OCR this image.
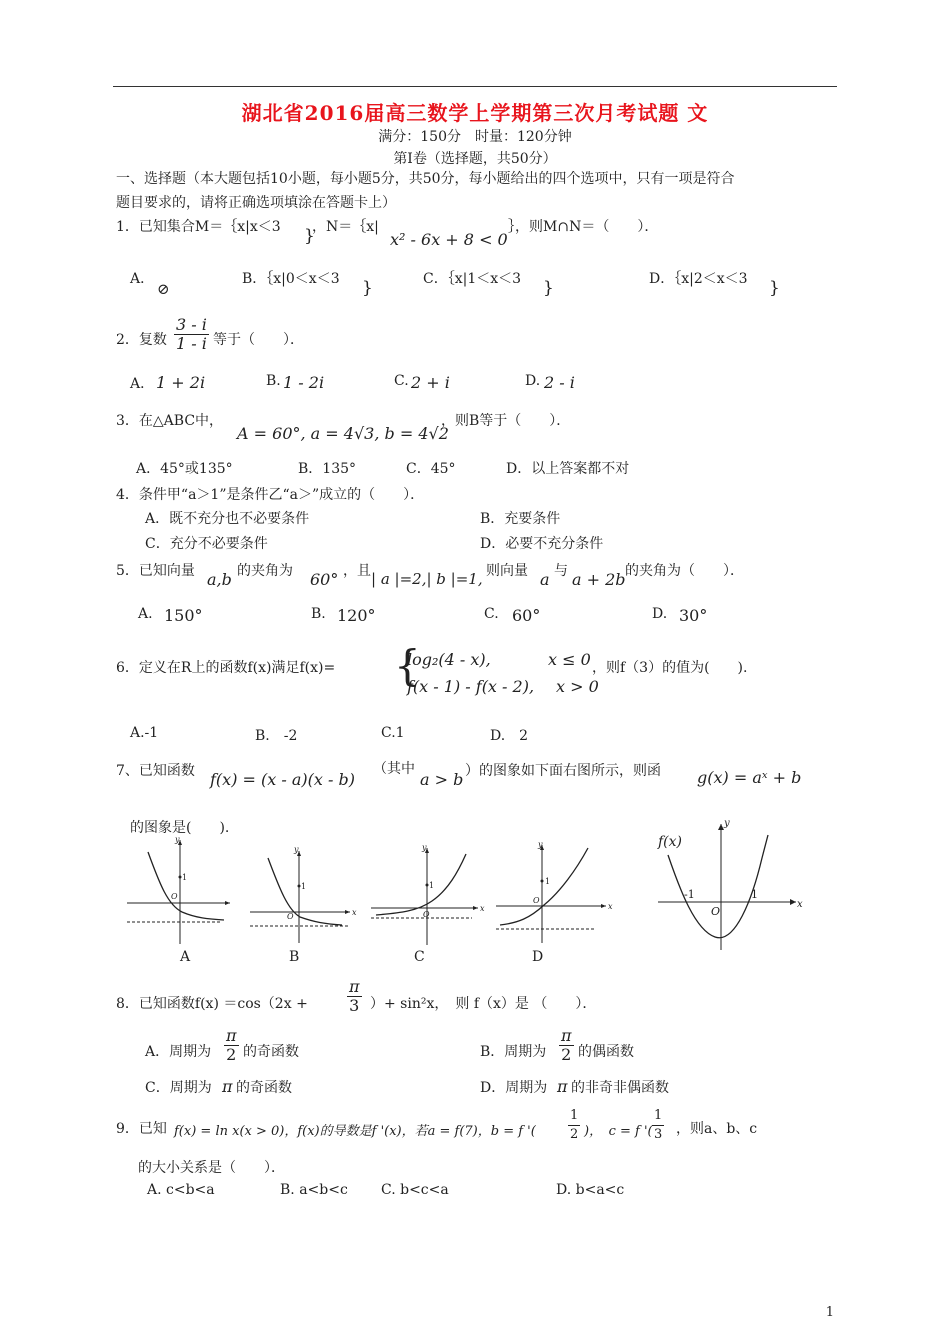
湖北省2016届高三数学上学期第三次月考试题 文
满分：150分　时量：120分钟
第Ⅰ卷（选择题，共50分）
一、选择题（本大题包括10小题，每小题5分，共50分，每小题给出的四个选项中，只有一项是符合
题目要求的，请将正确选项填涂在答题卡上）
1．已知集合M＝｛x|x＜3 }
，N＝｛x|
x² - 6x + 8 < 0
｝，则M∩N＝（　　）．
A．
⊘
B．｛x|0＜x＜3 }	C．｛x|1＜x＜3 }	D．｛x|2＜x＜3 }
2．复数 $\frac{3 - i}{1 - i}$ 等于（　　）．
A． 1 + 2i	B. 1 - 2i	C. 2 + i	D. 2 - i
3．在△ABC中，
A = 60°, a = 4√3, b = 4√2
，则B等于（　　）．
A．45°或135°	B．135°	C．45°	D．以上答案都不对
4．条件甲“a＞1”是条件乙“a＞”成立的（　　）．
A．既不充分也不必要条件	B．充要条件
C．充分不必要条件	D．必要不充分条件
5．已知向量 a,b 的夹角为 60° ，且 | a |=2,| b |=1, 则向量 a 与 a + 2b 的夹角为（　　）．
A. 150°	B. 120°	C. 60°	D. 30°
6．定义在R上的函数f(x)满足f(x)= {
log₂(4 - x),	x ≤ 0
f(x - 1) - f(x - 2), x > 0
，则f（3）的值为(　　).
A.-1	B.　-2	C.1	D.　2
7、已知函数 f(x) = (x - a)(x - b)
（其中
a > b ）的图象如下面右图所示，则函 g(x) = aˣ + b
的图象是(　　).
y
O
1
y
O
1
x
y
O
1
x
y
O
1
x
f(x)
y
x
O
-1	1
A	B	C	D
8．已知函数$f(x) =\cos(2x + \frac{\pi}{3}$ ）+ sin²x，　则 f（x）是 （　　）．
A．周期为 $\frac{\pi}{2}$ 的奇函数	B．周期为 $\frac{\pi}{2}$ 的偶函数
C．周期为 π 的奇函数	D．周期为 π 的非奇非偶函数
9．已知 f(x) = ln x(x > 0)，f(x)的导数是f '(x)，若a = f(7)，b = f '( $\frac{1}{2}$ )，　c = f '( $\frac{1}{3}$ ，则a、b、c
的大小关系是（　　）．
A. c<b<a	B. a<b<c C. b<c<a	D. b<a<c
1
